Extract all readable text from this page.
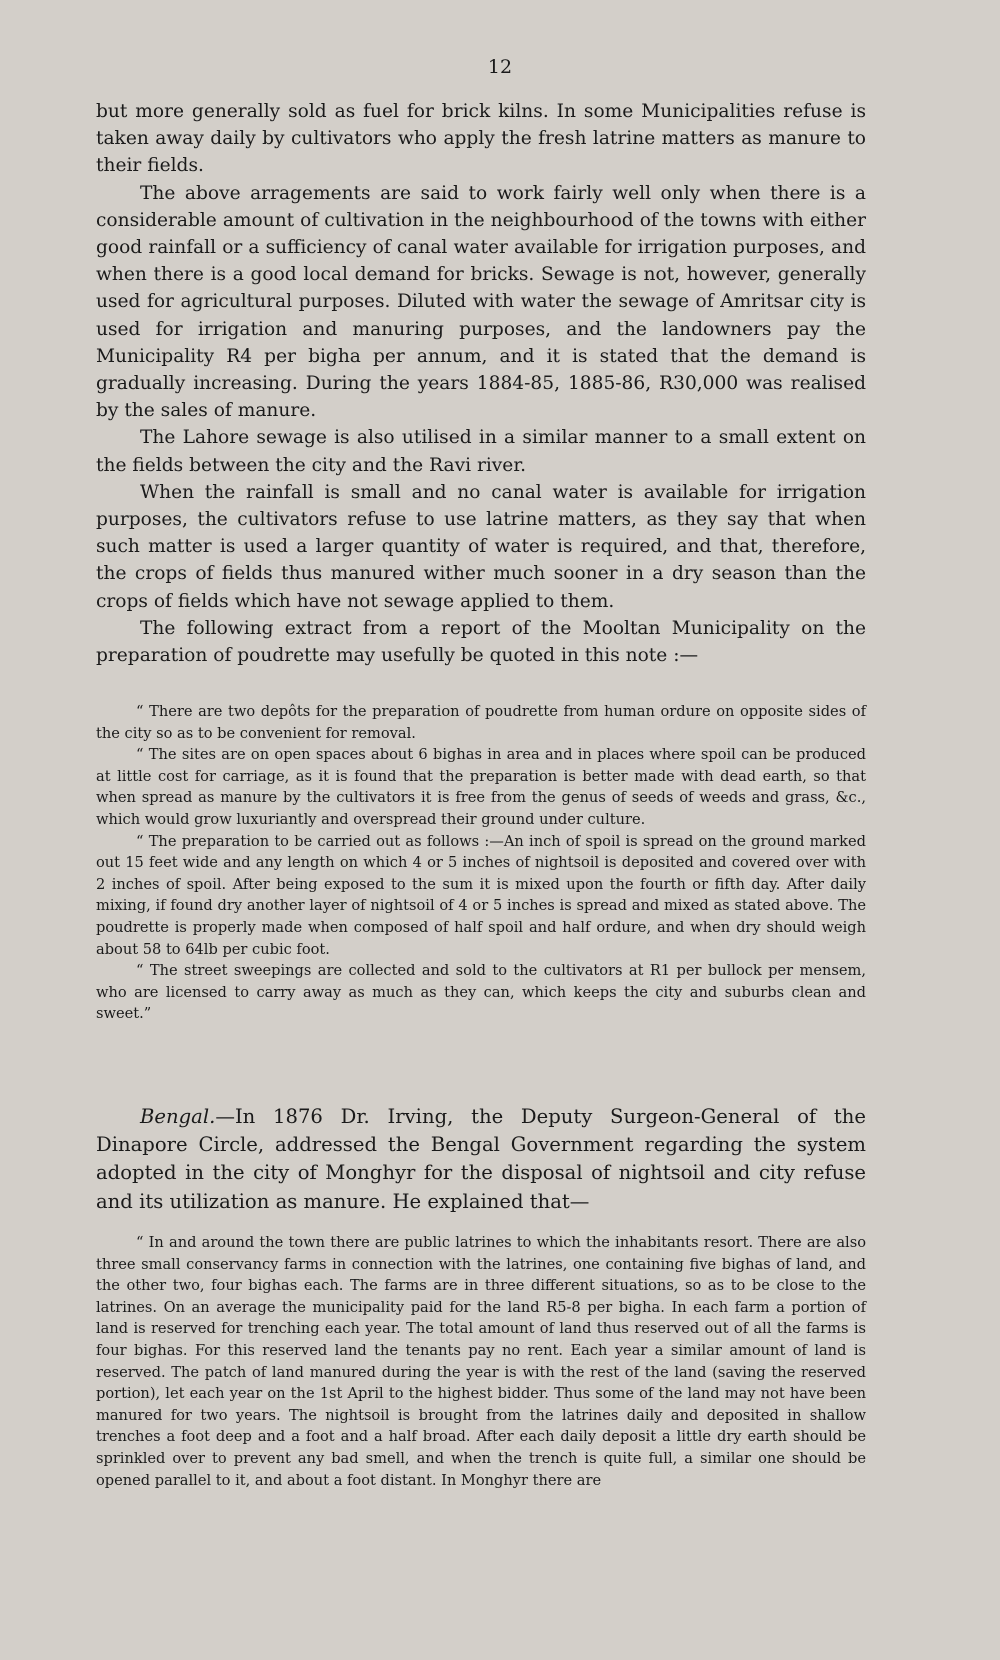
12

but more generally sold as fuel for brick kilns. In some Municipalities refuse is taken away daily by cultivators who apply the fresh latrine matters as manure to their fields.

The above arragements are said to work fairly well only when there is a considerable amount of cultivation in the neighbourhood of the towns with either good rainfall or a sufficiency of canal water available for irrigation purposes, and when there is a good local demand for bricks. Sewage is not, however, generally used for agricultural purposes. Diluted with water the sewage of Amritsar city is used for irrigation and manuring purposes, and the landowners pay the Municipality R4 per bigha per annum, and it is stated that the demand is gradually increasing. During the years 1884-85, 1885-86, R30,000 was realised by the sales of manure.

The Lahore sewage is also utilised in a similar manner to a small extent on the fields between the city and the Ravi river.

When the rainfall is small and no canal water is available for irrigation purposes, the cultivators refuse to use latrine matters, as they say that when such matter is used a larger quantity of water is required, and that, therefore, the crops of fields thus manured wither much sooner in a dry season than the crops of fields which have not sewage applied to them.

The following extract from a report of the Mooltan Municipality on the preparation of poudrette may usefully be quoted in this note :—

“ There are two depôts for the preparation of poudrette from human ordure on opposite sides of the city so as to be convenient for removal.

“ The sites are on open spaces about 6 bighas in area and in places where spoil can be produced at little cost for carriage, as it is found that the preparation is better made with dead earth, so that when spread as manure by the cultivators it is free from the genus of seeds of weeds and grass, &c., which would grow luxuriantly and overspread their ground under culture.

“ The preparation to be carried out as follows :—An inch of spoil is spread on the ground marked out 15 feet wide and any length on which 4 or 5 inches of nightsoil is deposited and covered over with 2 inches of spoil. After being exposed to the sum it is mixed upon the fourth or fifth day. After daily mixing, if found dry another layer of nightsoil of 4 or 5 inches is spread and mixed as stated above. The poudrette is properly made when composed of half spoil and half ordure, and when dry should weigh about 58 to 64lb per cubic foot.

“ The street sweepings are collected and sold to the cultivators at R1 per bullock per mensem, who are licensed to carry away as much as they can, which keeps the city and suburbs clean and sweet.”

Bengal.—In 1876 Dr. Irving, the Deputy Surgeon-General of the Dinapore Circle, addressed the Bengal Government regarding the system adopted in the city of Monghyr for the disposal of nightsoil and city refuse and its utilization as manure. He explained that—

“ In and around the town there are public latrines to which the inhabitants resort. There are also three small conservancy farms in connection with the latrines, one containing five bighas of land, and the other two, four bighas each. The farms are in three different situations, so as to be close to the latrines. On an average the municipality paid for the land R5-8 per bigha. In each farm a portion of land is reserved for trenching each year. The total amount of land thus reserved out of all the farms is four bighas. For this reserved land the tenants pay no rent. Each year a similar amount of land is reserved. The patch of land manured during the year is with the rest of the land (saving the reserved portion), let each year on the 1st April to the highest bidder. Thus some of the land may not have been manured for two years. The nightsoil is brought from the latrines daily and deposited in shallow trenches a foot deep and a foot and a half broad. After each daily deposit a little dry earth should be sprinkled over to prevent any bad smell, and when the trench is quite full, a similar one should be opened parallel to it, and about a foot distant. In Monghyr there are
